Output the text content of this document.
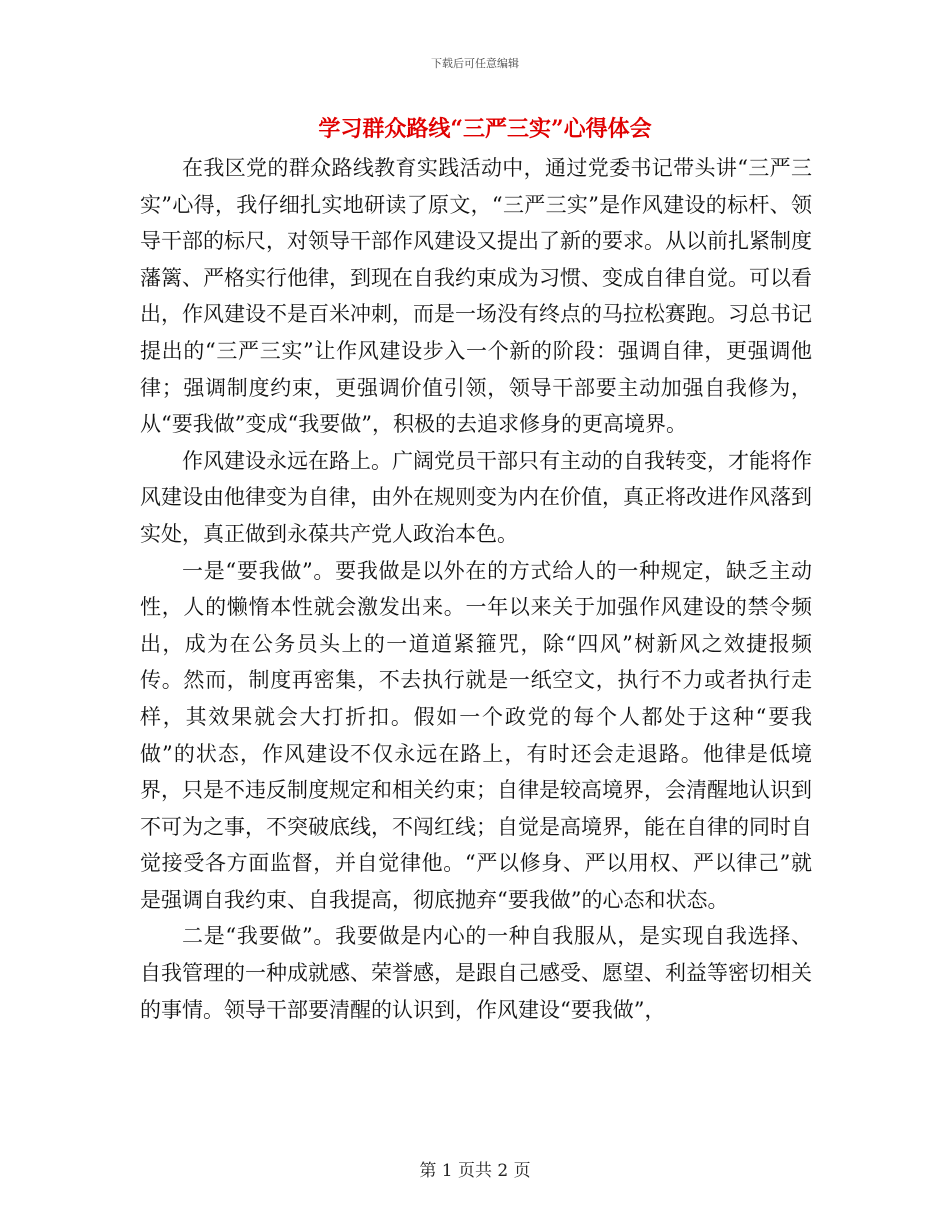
下载后可任意编辑
学习群众路线“三严三实”心得体会

在我区党的群众路线教育实践活动中，通过党委书记带头讲“三严三实”心得，我仔细扎实地研读了原文，“三严三实”是作风建设的标杆、领导干部的标尺，对领导干部作风建设又提出了新的要求。从以前扎紧制度藩篱、严格实行他律，到现在自我约束成为习惯、变成自律自觉。可以看出，作风建设不是百米冲刺，而是一场没有终点的马拉松赛跑。习总书记提出的“三严三实”让作风建设步入一个新的阶段：强调自律，更强调他律；强调制度约束，更强调价值引领，领导干部要主动加强自我修为，从“要我做”变成“我要做”，积极的去追求修身的更高境界。

作风建设永远在路上。广阔党员干部只有主动的自我转变，才能将作风建设由他律变为自律，由外在规则变为内在价值，真正将改进作风落到实处，真正做到永葆共产党人政治本色。

一是“要我做”。要我做是以外在的方式给人的一种规定，缺乏主动性，人的懒惰本性就会激发出来。一年以来关于加强作风建设的禁令频出，成为在公务员头上的一道道紧箍咒，除“四风”树新风之效捷报频传。然而，制度再密集，不去执行就是一纸空文，执行不力或者执行走样，其效果就会大打折扣。假如一个政党的每个人都处于这种“要我做”的状态，作风建设不仅永远在路上，有时还会走退路。他律是低境界，只是不违反制度规定和相关约束；自律是较高境界，会清醒地认识到不可为之事，不突破底线，不闯红线；自觉是高境界，能在自律的同时自觉接受各方面监督，并自觉律他。“严以修身、严以用权、严以律己”就是强调自我约束、自我提高，彻底抛弃“要我做”的心态和状态。

二是“我要做”。我要做是内心的一种自我服从，是实现自我选择、自我管理的一种成就感、荣誉感，是跟自己感受、愿望、利益等密切相关的事情。领导干部要清醒的认识到，作风建设“要我做”，

第 1 页共 2 页
